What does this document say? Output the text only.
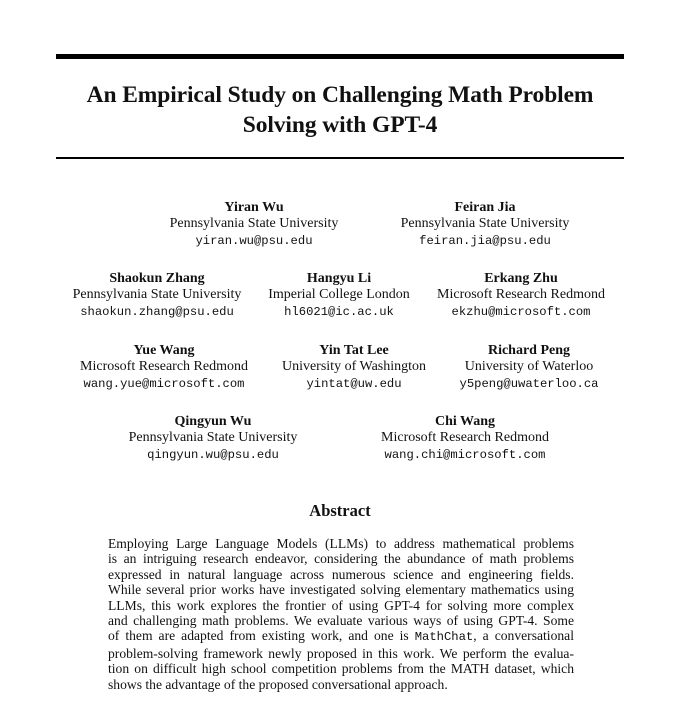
An Empirical Study on Challenging Math Problem
Solving with GPT-4
Yiran Wu
Pennsylvania State University
yiran.wu@psu.edu
Feiran Jia
Pennsylvania State University
feiran.jia@psu.edu
Shaokun Zhang
Pennsylvania State University
shaokun.zhang@psu.edu
Hangyu Li
Imperial College London
hl6021@ic.ac.uk
Erkang Zhu
Microsoft Research Redmond
ekzhu@microsoft.com
Yue Wang
Microsoft Research Redmond
wang.yue@microsoft.com
Yin Tat Lee
University of Washington
yintat@uw.edu
Richard Peng
University of Waterloo
y5peng@uwaterloo.ca
Qingyun Wu
Pennsylvania State University
qingyun.wu@psu.edu
Chi Wang
Microsoft Research Redmond
wang.chi@microsoft.com
Abstract
Employing Large Language Models (LLMs) to address mathematical problems
is an intriguing research endeavor, considering the abundance of math problems
expressed in natural language across numerous science and engineering fields.
While several prior works have investigated solving elementary mathematics using
LLMs, this work explores the frontier of using GPT-4 for solving more complex
and challenging math problems. We evaluate various ways of using GPT-4. Some
of them are adapted from existing work, and one is MathChat, a conversational
problem-solving framework newly proposed in this work. We perform the evalua-
tion on difficult high school competition problems from the MATH dataset, which
shows the advantage of the proposed conversational approach.
